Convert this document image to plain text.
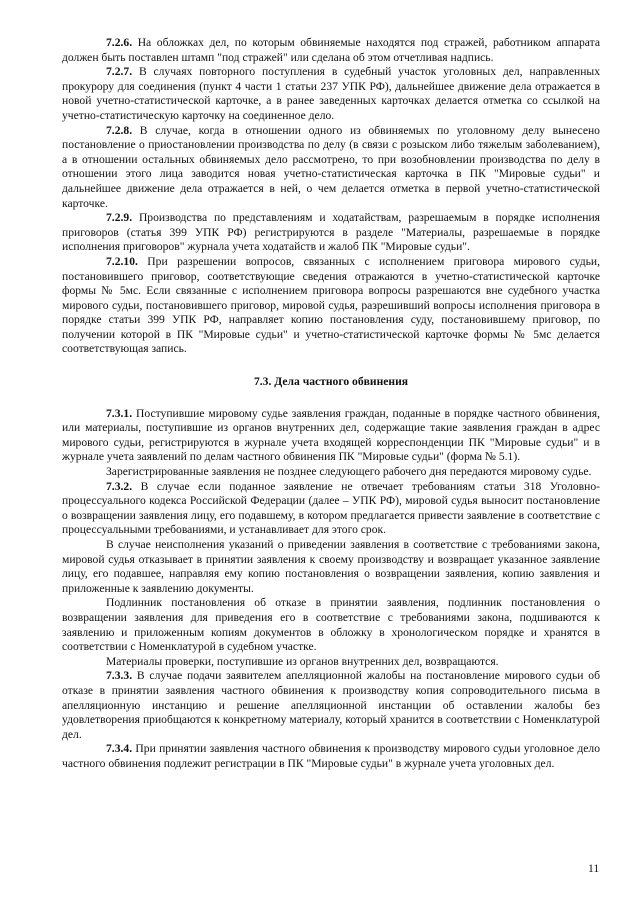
7.2.6. На обложках дел, по которым обвиняемые находятся под стражей, работником аппарата должен быть поставлен штамп "под стражей" или сделана об этом отчетливая надпись.

7.2.7. В случаях повторного поступления в судебный участок уголовных дел, направленных прокурору для соединения (пункт 4 части 1 статьи 237 УПК РФ), дальнейшее движение дела отражается в новой учетно-статистической карточке, а в ранее заведенных карточках делается отметка со ссылкой на учетно-статистическую карточку на соединенное дело.

7.2.8. В случае, когда в отношении одного из обвиняемых по уголовному делу вынесено постановление о приостановлении производства по делу (в связи с розыском либо тяжелым заболеванием), а в отношении остальных обвиняемых дело рассмотрено, то при возобновлении производства по делу в отношении этого лица заводится новая учетно-статистическая карточка в ПК "Мировые судьи" и дальнейшее движение дела отражается в ней, о чем делается отметка в первой учетно-статистической карточке.

7.2.9. Производства по представлениям и ходатайствам, разрешаемым в порядке исполнения приговоров (статья 399 УПК РФ) регистрируются в разделе "Материалы, разрешаемые в порядке исполнения приговоров" журнала учета ходатайств и жалоб ПК "Мировые судьи".

7.2.10. При разрешении вопросов, связанных с исполнением приговора мирового судьи, постановившего приговор, соответствующие сведения отражаются в учетно-статистической карточке формы № 5мс. Если связанные с исполнением приговора вопросы разрешаются вне судебного участка мирового судьи, постановившего приговор, мировой судья, разрешивший вопросы исполнения приговора в порядке статьи 399 УПК РФ, направляет копию постановления суду, постановившему приговор, по получении которой в ПК "Мировые судьи" и учетно-статистической карточке формы № 5мс делается соответствующая запись.

7.3. Дела частного обвинения

7.3.1. Поступившие мировому судье заявления граждан, поданные в порядке частного обвинения, или материалы, поступившие из органов внутренних дел, содержащие такие заявления граждан в адрес мирового судьи, регистрируются в журнале учета входящей корреспонденции ПК "Мировые судьи" и в журнале учета заявлений по делам частного обвинения ПК "Мировые судьи" (форма № 5.1).

Зарегистрированные заявления не позднее следующего рабочего дня передаются мировому судье.

7.3.2. В случае если поданное заявление не отвечает требованиям статьи 318 Уголовно-процессуального кодекса Российской Федерации (далее – УПК РФ), мировой судья выносит постановление о возвращении заявления лицу, его подавшему, в котором предлагается привести заявление в соответствие с процессуальными требованиями, и устанавливает для этого срок.

В случае неисполнения указаний о приведении заявления в соответствие с требованиями закона, мировой судья отказывает в принятии заявления к своему производству и возвращает указанное заявление лицу, его подавшее, направляя ему копию постановления о возвращении заявления, копию заявления и приложенные к заявлению документы.

Подлинник постановления об отказе в принятии заявления, подлинник постановления о возвращении заявления для приведения его в соответствие с требованиями закона, подшиваются к заявлению и приложенным копиям документов в обложку в хронологическом порядке и хранятся в соответствии с Номенклатурой в судебном участке.

Материалы проверки, поступившие из органов внутренних дел, возвращаются.

7.3.3. В случае подачи заявителем апелляционной жалобы на постановление мирового судьи об отказе в принятии заявления частного обвинения к производству копия сопроводительного письма в апелляционную инстанцию и решение апелляционной инстанции об оставлении жалобы без удовлетворения приобщаются к конкретному материалу, который хранится в соответствии с Номенклатурой дел.

7.3.4. При принятии заявления частного обвинения к производству мирового судьи уголовное дело частного обвинения подлежит регистрации в ПК "Мировые судьи" в журнале учета уголовных дел.

11
